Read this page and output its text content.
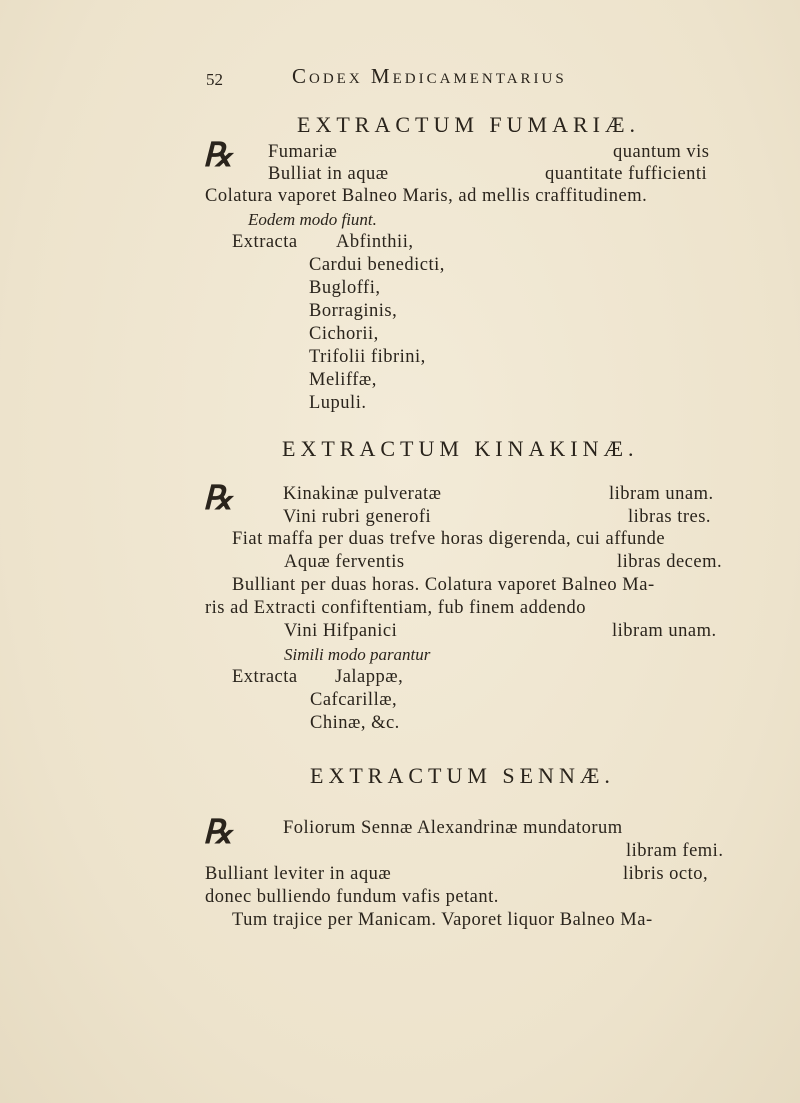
52	Codex Medicamentarius
EXTRACTUM FUMARIÆ.
℞ Fumariæ	quantum vis
Bulliat in aquæ	quantitate fufficienti
Colatura vaporet Balneo Maris, ad mellis craffitudinem.
Eodem modo fiunt.
Extracta Abfinthii,
Cardui benedicti,
Bugloffi,
Borraginis,
Cichorii,
Trifolii fibrini,
Meliffæ,
Lupuli.
EXTRACTUM KINAKINÆ.
℞	Kinakinæ pulveratæ	libram unam.
Vini rubri generofi	libras tres.
Fiat maffa per duas trefve horas digerenda, cui affunde
Aquæ ferventis	libras decem.
Bulliant per duas horas. Colatura vaporet Balneo Ma-
ris ad Extracti confiftentiam, fub finem addendo
Vini Hifpanici	libram unam.
Simili modo parantur
Extracta Jalappæ,
Cafcarillæ,
Chinæ, &c.
EXTRACTUM SENNÆ.
℞	Foliorum Sennæ Alexandrinæ mundatorum
libram femi.
Bulliant leviter in aquæ	libris octo,
donec bulliendo fundum vafis petant.
Tum trajice per Manicam. Vaporet liquor Balneo Ma-
